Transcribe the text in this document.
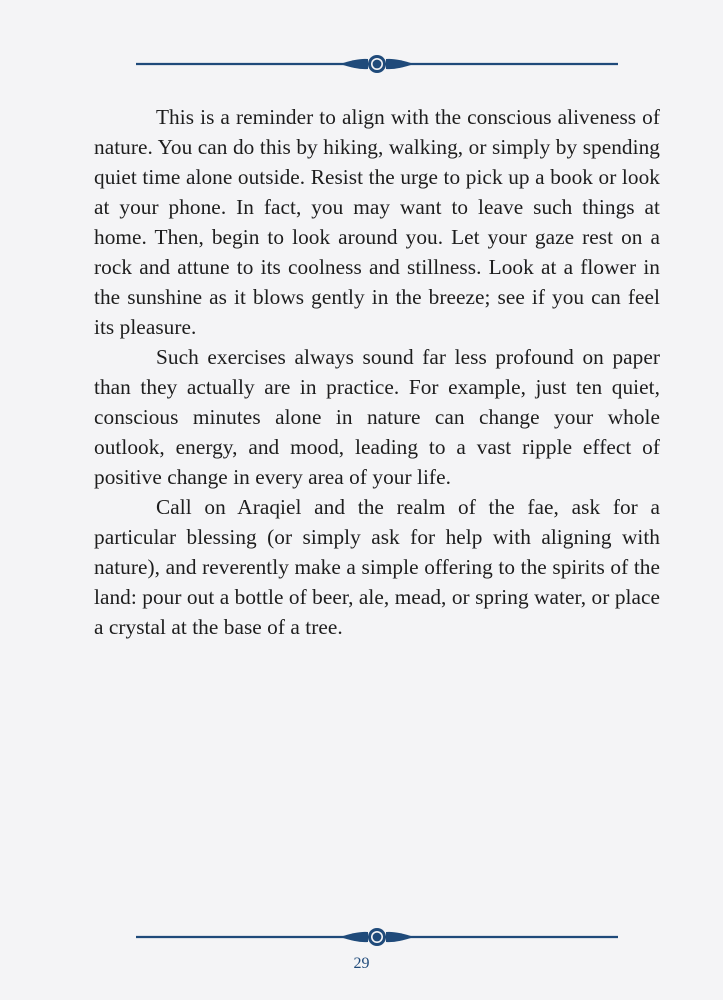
This is a reminder to align with the conscious aliveness of nature. You can do this by hiking, walking, or simply by spending quiet time alone outside. Resist the urge to pick up a book or look at your phone. In fact, you may want to leave such things at home. Then, begin to look around you. Let your gaze rest on a rock and attune to its coolness and stillness. Look at a flower in the sunshine as it blows gently in the breeze; see if you can feel its pleasure.

Such exercises always sound far less profound on paper than they actually are in practice. For example, just ten quiet, conscious minutes alone in nature can change your whole outlook, energy, and mood, leading to a vast ripple effect of positive change in every area of your life.

Call on Araqiel and the realm of the fae, ask for a particular blessing (or simply ask for help with aligning with nature), and reverently make a simple offering to the spirits of the land: pour out a bottle of beer, ale, mead, or spring water, or place a crystal at the base of a tree.

29
